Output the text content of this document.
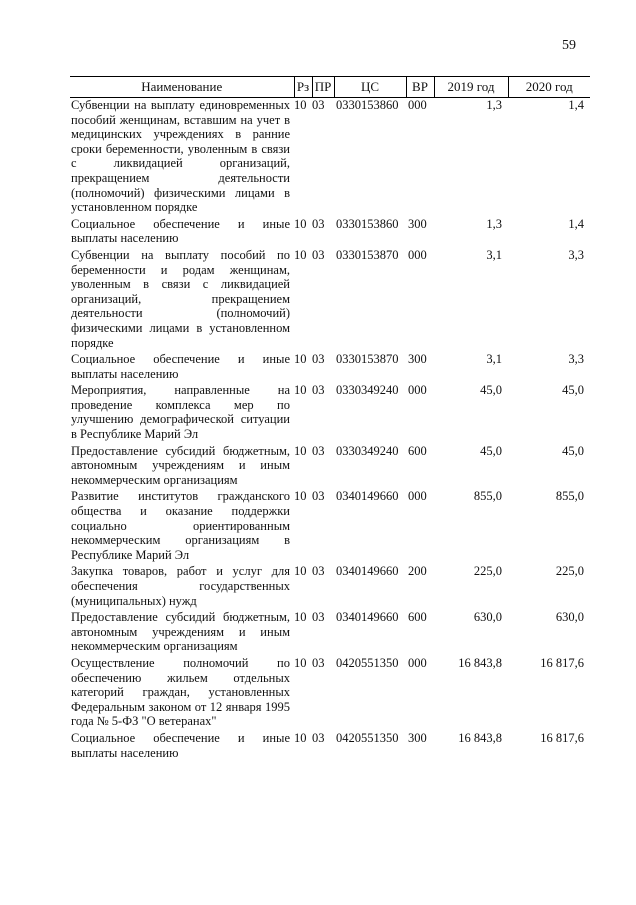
59
Наименование	Рз	ПР	ЦС	ВР	2019 год	2020 год
Субвенции на выплату единовременных пособий женщинам, вставшим на учет в медицинских учреждениях в ранние сроки беременности, уволенным в связи с ликвидацией организаций, прекращением деятельности (полномочий) физическими лицами в установленном порядке	10	03	0330153860	000	1,3	1,4
Социальное обеспечение и иные выплаты населению	10	03	0330153860	300	1,3	1,4
Субвенции на выплату пособий по беременности и родам женщинам, уволенным в связи с ликвидацией организаций, прекращением деятельности (полномочий) физическими лицами в установленном порядке	10	03	0330153870	000	3,1	3,3
Социальное обеспечение и иные выплаты населению	10	03	0330153870	300	3,1	3,3
Мероприятия, направленные на проведение комплекса мер по улучшению демографической ситуации в Республике Марий Эл	10	03	0330349240	000	45,0	45,0
Предоставление субсидий бюджетным, автономным учреждениям и иным некоммерческим организациям	10	03	0330349240	600	45,0	45,0
Развитие институтов гражданского общества и оказание поддержки социально ориентированным некоммерческим организациям в Республике Марий Эл	10	03	0340149660	000	855,0	855,0
Закупка товаров, работ и услуг для обеспечения государственных (муниципальных) нужд	10	03	0340149660	200	225,0	225,0
Предоставление субсидий бюджетным, автономным учреждениям и иным некоммерческим организациям	10	03	0340149660	600	630,0	630,0
Осуществление полномочий по обеспечению жильем отдельных категорий граждан, установленных Федеральным законом от 12 января 1995 года № 5-ФЗ "О ветеранах"	10	03	0420551350	000	16 843,8	16 817,6
Социальное обеспечение и иные выплаты населению	10	03	0420551350	300	16 843,8	16 817,6
